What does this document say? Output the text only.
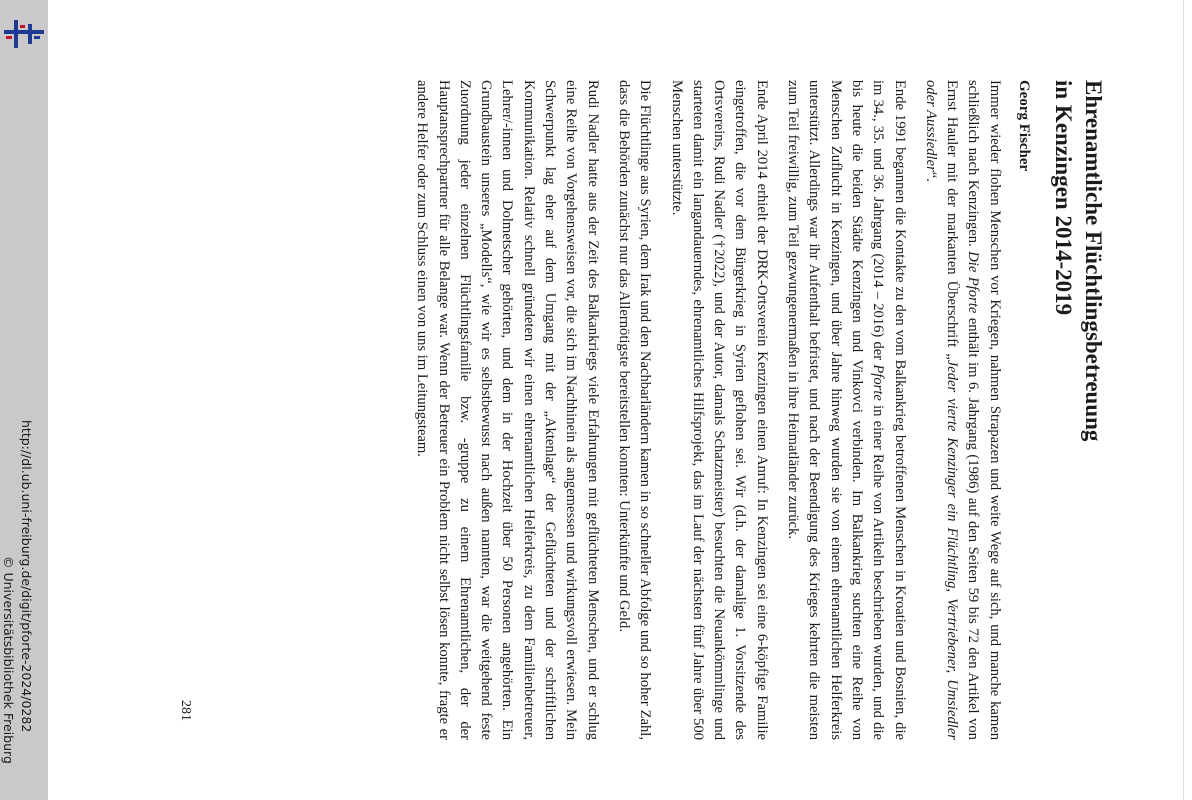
http://dl.ub.uni-freiburg.de/digit/pforte-2024/0282
© Universitätsbibliothek Freiburg
Ehrenamtliche Flüchtlingsbetreuung
in Kenzingen 2014-2019
Georg Fischer

Immer wieder flohen Menschen vor Kriegen, nahmen Strapazen und weite Wege auf sich, und manche kamen schließlich nach Kenzingen. Die Pforte enthält im 6. Jahrgang (1986) auf den Seiten 59 bis 72 den Artikel von Ernst Hauler mit der markanten Überschrift „Jeder vierte Kenzinger ein Flüchtling, Vertriebener, Umsiedler oder Aussiedler“.

Ende 1991 begannen die Kontakte zu den vom Balkankrieg betroffenen Menschen in Kroatien und Bosnien, die im 34., 35. und 36. Jahrgang (2014 – 2016) der Pforte in einer Reihe von Artikeln beschrieben wurden, und die bis heute die beiden Städte Kenzingen und Vinkovci verbinden. Im Balkankrieg suchten eine Reihe von Menschen Zuflucht in Kenzingen, und über Jahre hinweg wurden sie von einem ehrenamtlichen Helferkreis unterstützt. Allerdings war ihr Aufenthalt befristet, und nach der Beendigung des Krieges kehrten die meisten zum Teil freiwillig, zum Teil gezwungenermaßen in ihre Heimatländer zurück.

Ende April 2014 erhielt der DRK-Ortsverein Kenzingen einen Anruf: In Kenzingen sei eine 6-köpfige Familie eingetroffen, die vor dem Bürgerkrieg in Syrien geflohen sei. Wir (d.h. der damalige 1. Vorsitzende des Ortsvereins, Rudi Nadler (†2022), und der Autor, damals Schatzmeister) besuchten die Neuankömmlinge und starteten damit ein langandauerndes, ehrenamtliches Hilfsprojekt, das im Lauf der nächsten fünf Jahre über 500 Menschen unterstützte.

Die Flüchtlinge aus Syrien, dem Irak und den Nachbarländern kamen in so schneller Abfolge und so hoher Zahl, dass die Behörden zunächst nur das Allernötigste bereitstellen konnten: Unterkünfte und Geld.

Rudi Nadler hatte aus der Zeit des Balkankriegs viele Erfahrungen mit geflüchteten Menschen, und er schlug eine Reihe von Vorgehensweisen vor, die sich im Nachhinein als angemessen und wirkungsvoll erwiesen. Mein Schwerpunkt lag eher auf dem Umgang mit der „Aktenlage“ der Geflüchteten und der schriftlichen Kommunikation. Relativ schnell gründeten wir einen ehrenamtlichen Helferkreis, zu dem Familienbetreuer, Lehrer/-innen und Dolmetscher gehörten, und dem in der Hochzeit über 50 Personen angehörten. Ein Grundbaustein unseres „Modells“, wie wir es selbstbewusst nach außen nannten, war die weitgehend feste Zuordnung jeder einzelnen Flüchtlingsfamilie bzw. -gruppe zu einem Ehrenamtlichen, der der Hauptansprechpartner für alle Belange war. Wenn der Betreuer ein Problem nicht selbst lösen konnte, fragte er andere Helfer oder zum Schluss einen von uns im Leitungsteam.

281
